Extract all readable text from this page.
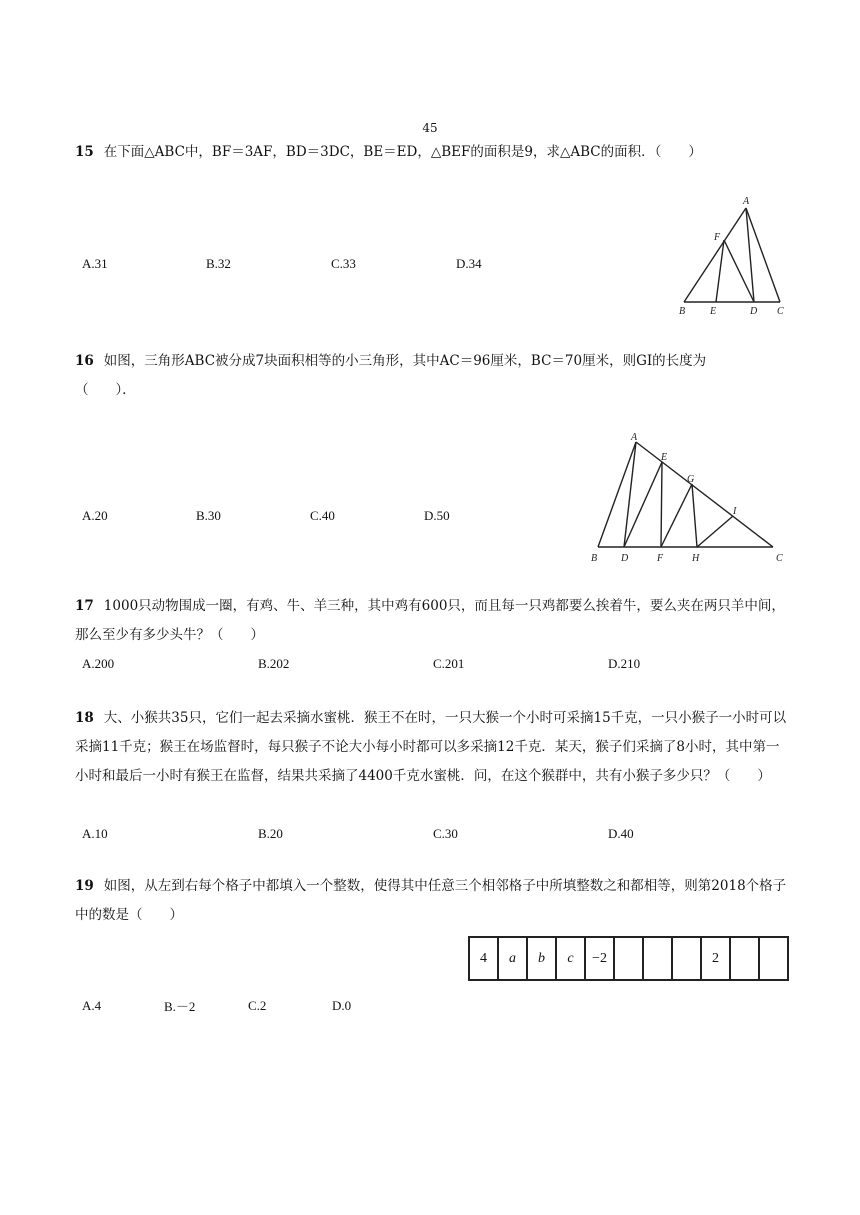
45
15 在下面△ABC中，BF＝3AF，BD＝3DC，BE＝ED，△BEF的面积是9，求△ABC的面积．（　　）
A.31	B.32	C.33	D.34
A
F
B E	D C
16 如图，三角形ABC被分成7块面积相等的小三角形，其中AC＝96厘米，BC＝70厘米，则GI的长度为
（　　）．
A.20	B.30	C.40	D.50
A
E
G
I
B D	F	H	C
17 1000只动物围成一圈，有鸡、牛、羊三种，其中鸡有600只，而且每一只鸡都要么挨着牛，要么夹在两只羊中间，那么至少有多少头牛？（　　）
A.200	B.202	C.201	D.210
18 大、小猴共35只，它们一起去采摘水蜜桃．猴王不在时，一只大猴一个小时可采摘15千克，一只小猴子一小时可以采摘11千克；猴王在场监督时，每只猴子不论大小每小时都可以多采摘12千克．某天，猴子们采摘了8小时，其中第一小时和最后一小时有猴王在监督，结果共采摘了4400千克水蜜桃．问，在这个猴群中，共有小猴子多少只？（　　）
A.10	B.20	C.30	D.40
19 如图，从左到右每个格子中都填入一个整数，使得其中任意三个相邻格子中所填整数之和都相等，则第2018个格子中的数是（　　）
4	a	b	c	−2				2		
A.4	B.－2	C.2	D.0
